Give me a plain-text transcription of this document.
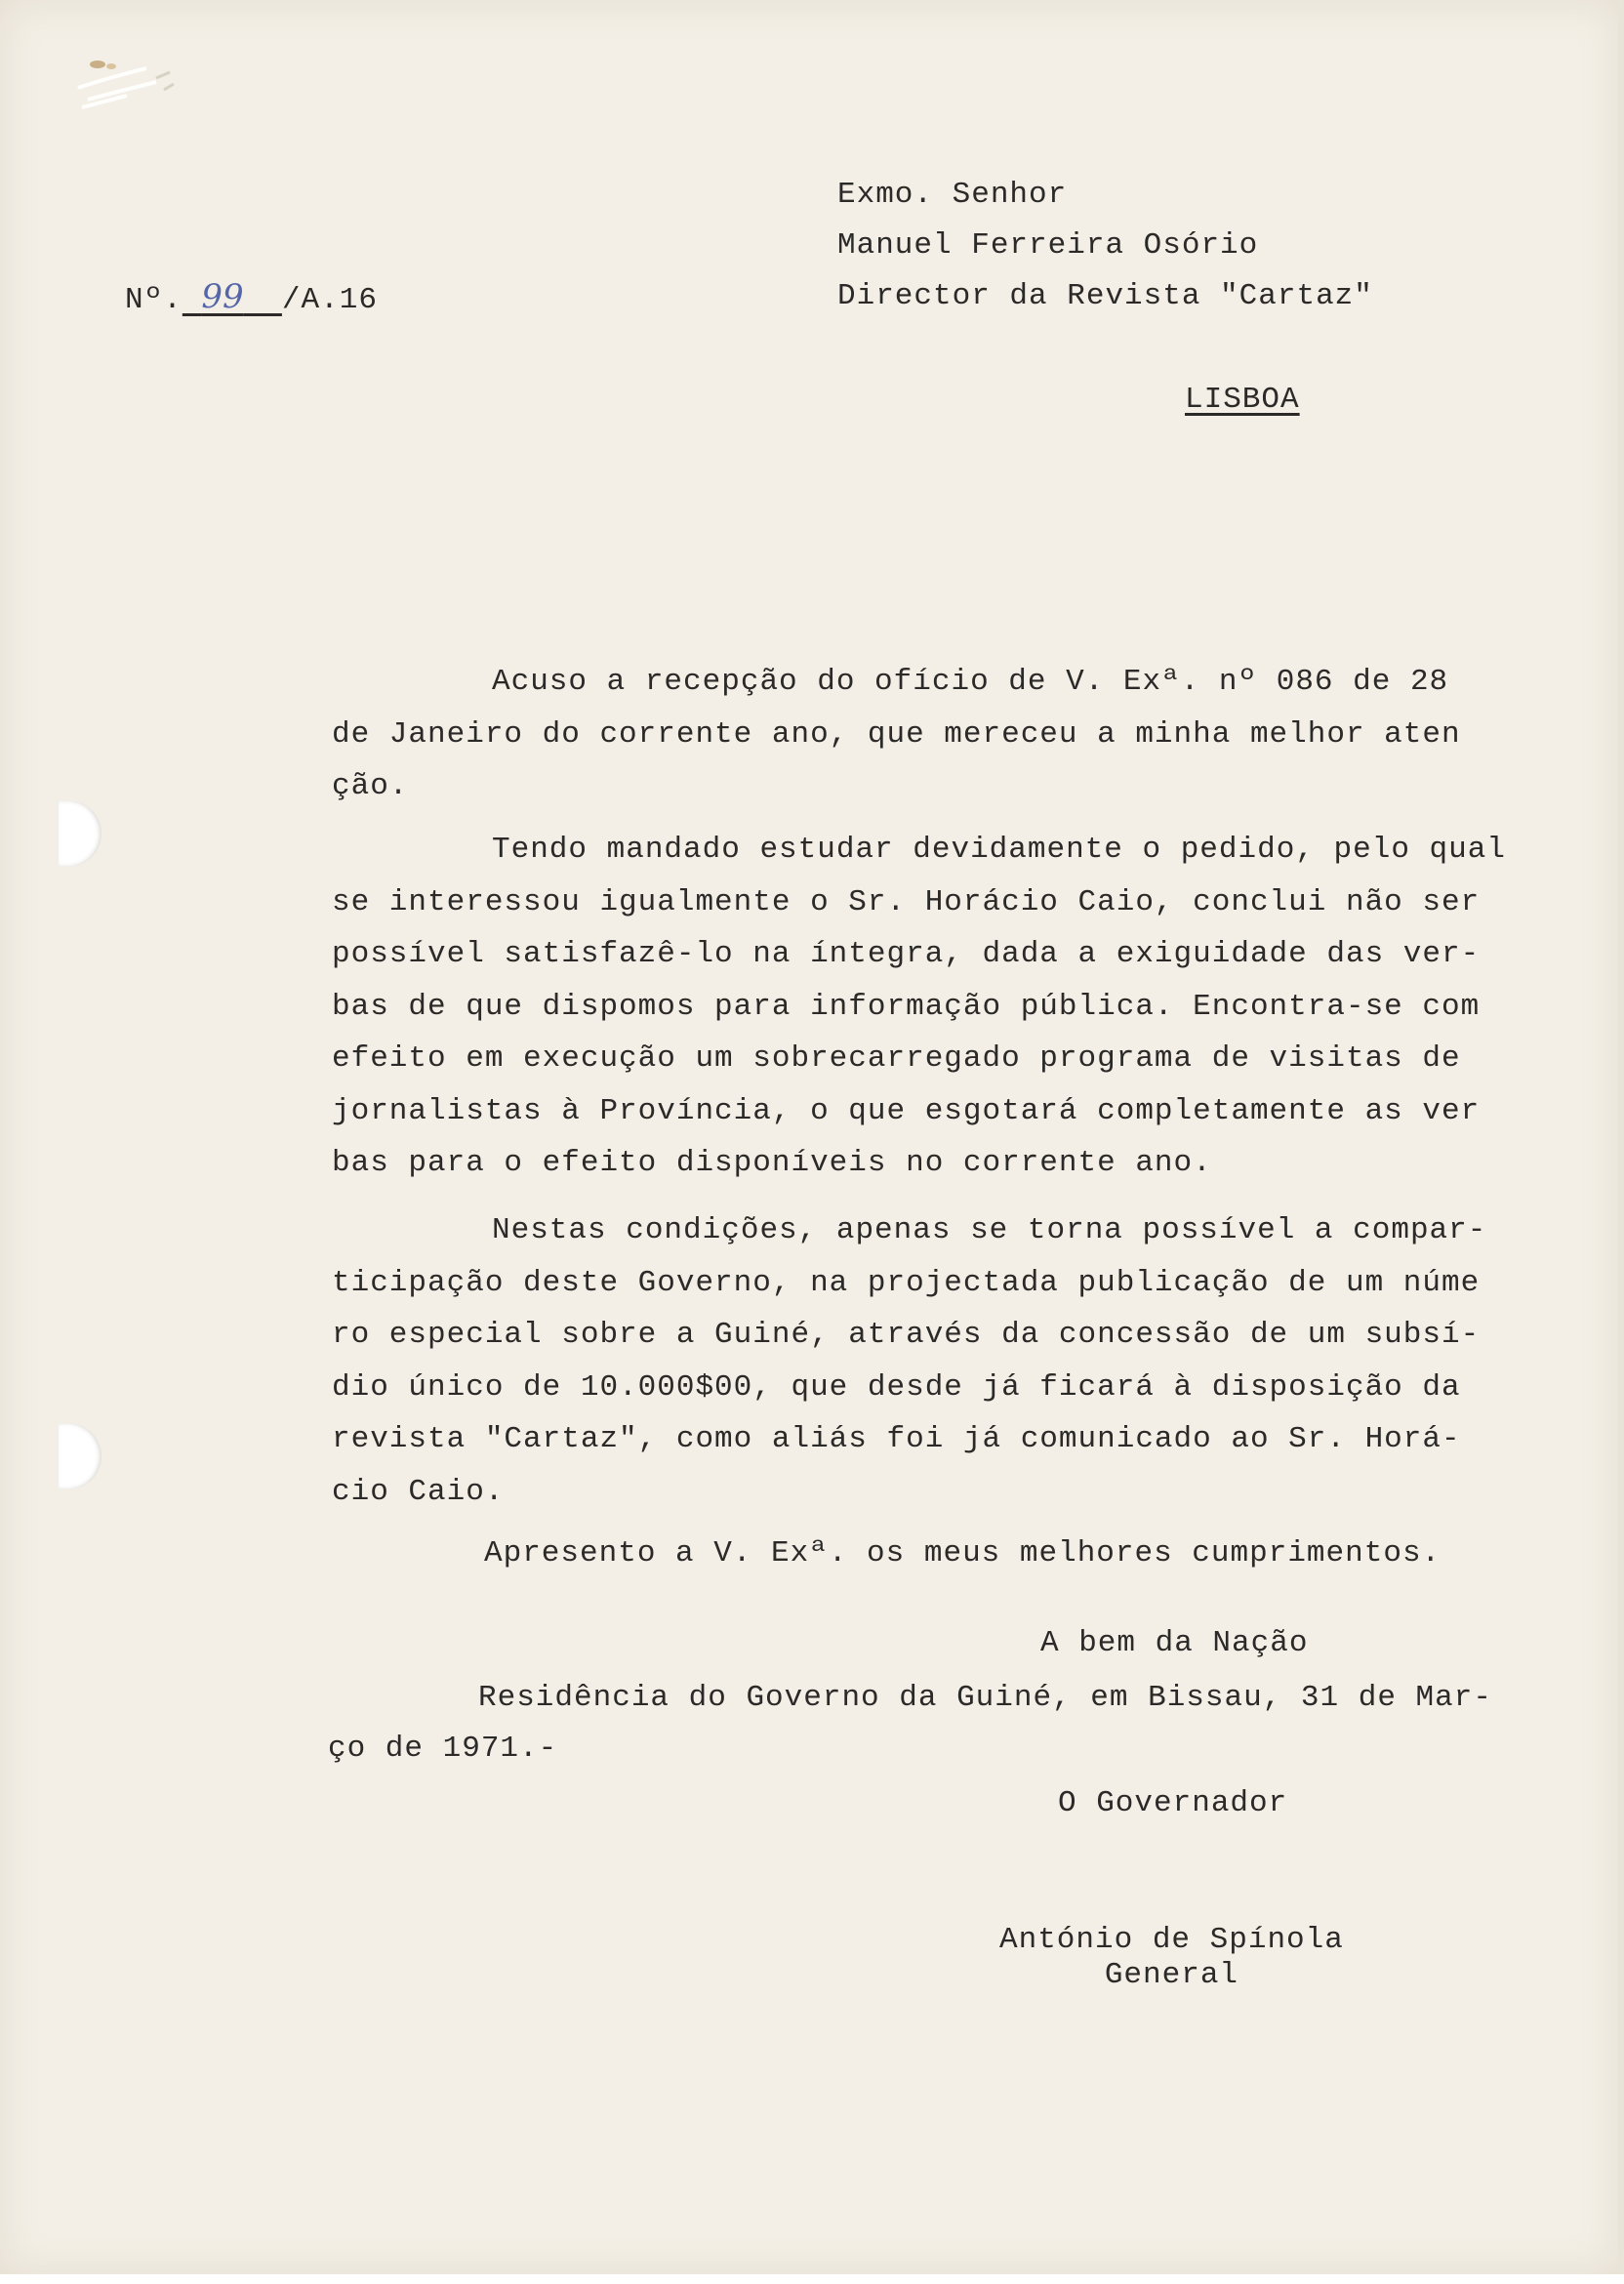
Exmo. Senhor
Manuel Ferreira Osório
Director da Revista "Cartaz"
Nº. 99 /A.16
LISBOA
Acuso a recepção do ofício de V. Exª. nº 086 de 28
de Janeiro do corrente ano, que mereceu a minha melhor aten
ção.
Tendo mandado estudar devidamente o pedido, pelo qual
se interessou igualmente o Sr. Horácio Caio, conclui não ser
possível satisfazê-lo na íntegra, dada a exiguidade das ver-
bas de que dispomos para informação pública. Encontra-se com
efeito em execução um sobrecarregado programa de visitas de
jornalistas à Província, o que esgotará completamente as ver
bas para o efeito disponíveis no corrente ano.
Nestas condições, apenas se torna possível a compar-
ticipação deste Governo, na projectada publicação de um núme
ro especial sobre a Guiné, através da concessão de um subsí-
dio único de 10.000$00, que desde já ficará à disposição da
revista "Cartaz", como aliás foi já comunicado ao Sr. Horá-
cio Caio.
Apresento a V. Exª. os meus melhores cumprimentos.
A bem da Nação
Residência do Governo da Guiné, em Bissau, 31 de Mar-
ço de 1971.-
O Governador
António de Spínola
General
